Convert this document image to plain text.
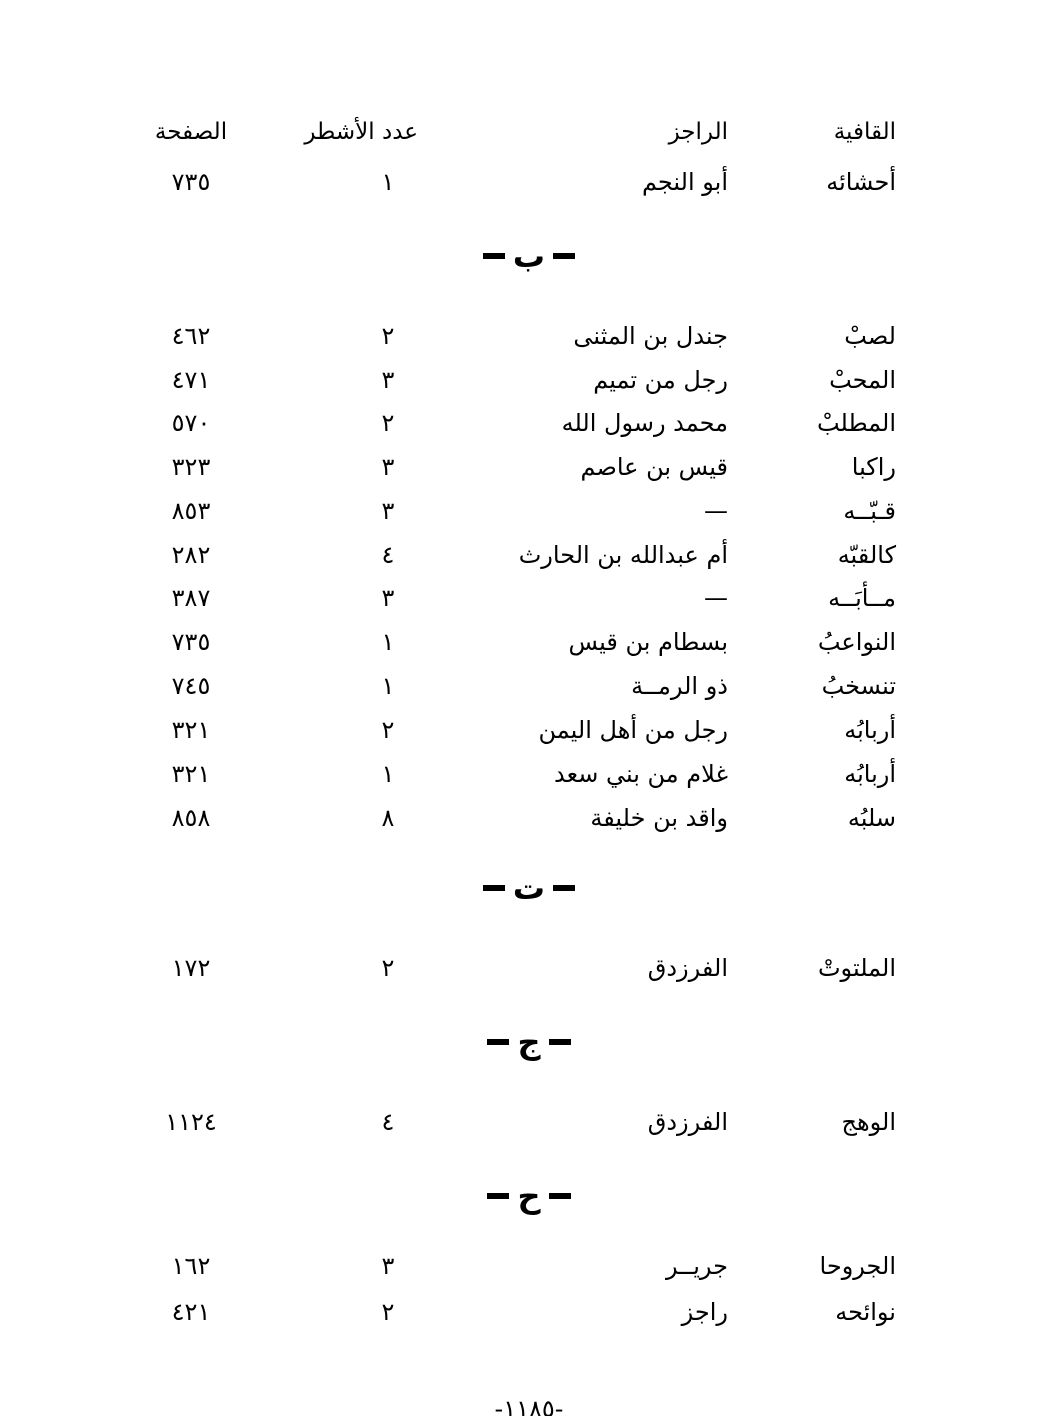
القافية
الراجز
عدد الأشطر
الصفحة
أحشائه
أبو النجم
١
٧٣٥
ب
لصبْ
جندل بن المثنى
٢
٤٦٢
المحبْ
رجل من تميم
٣
٤٧١
المطلبْ
محمد رسول الله
٢
٥٧٠
راكبا
قيس بن عاصم
٣
٣٢٣
قـبّــه
—
٣
٨٥٣
كالقبّه
أم عبدالله بن الحارث
٤
٢٨٢
مــأبَــه
—
٣
٣٨٧
النواعبُ
بسطام بن قيس
١
٧٣٥
تنسخبُ
ذو الرمــة
١
٧٤٥
أربابُه
رجل من أهل اليمن
٢
٣٢١
أربابُه
غلام من بني سعد
١
٣٢١
سلبُه
واقد بن خليفة
٨
٨٥٨
ت
الملتوتْ
الفرزدق
٢
١٧٢
ج
الوهج
الفرزدق
٤
١١٢٤
ح
الجروحا
جريــر
٣
١٦٢
نوائحه
راجز
٢
٤٢١
-١١٨٥-
